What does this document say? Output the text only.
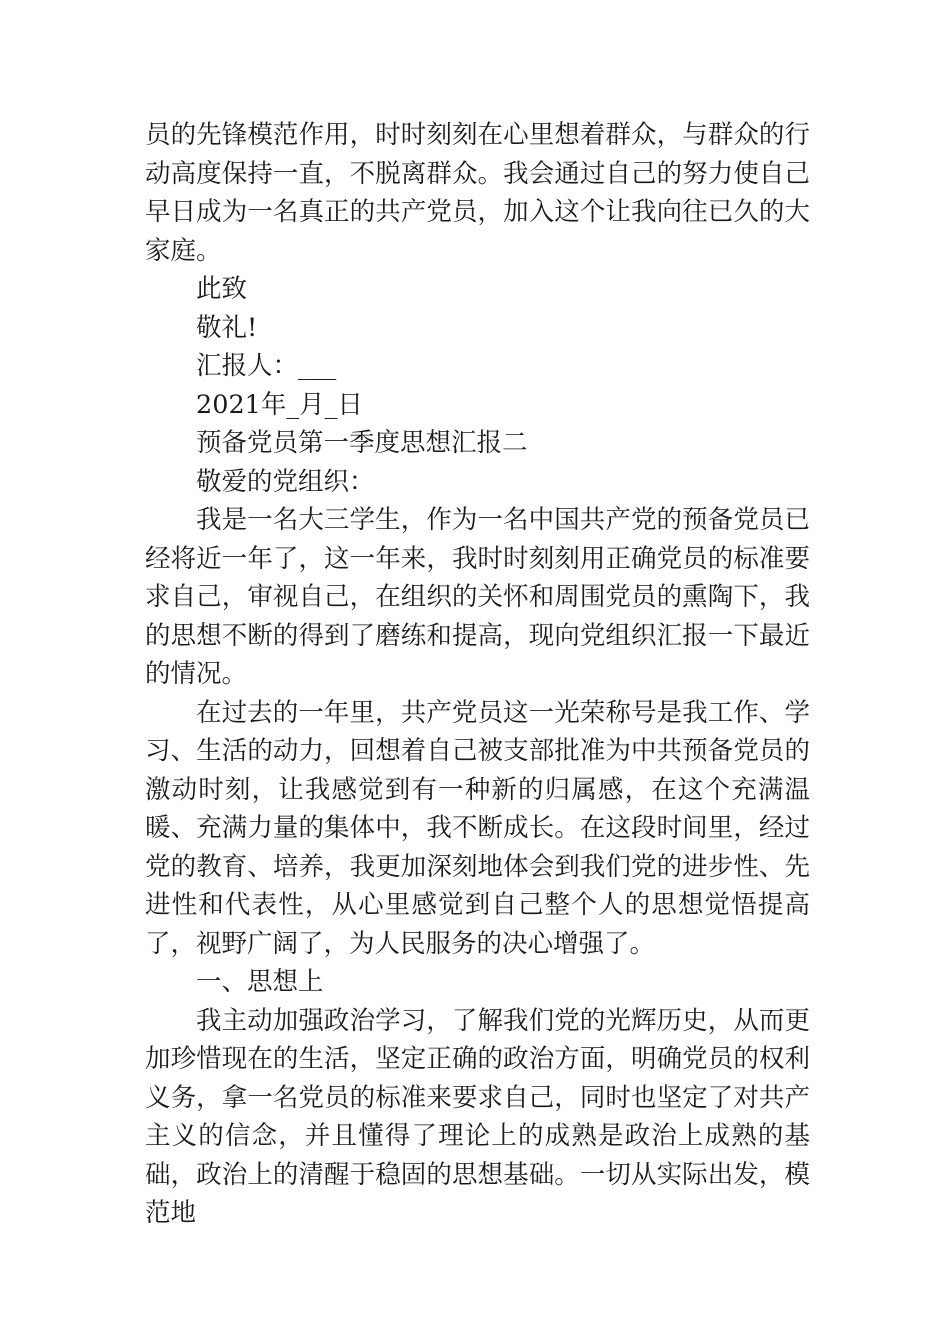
员的先锋模范作用，时时刻刻在心里想着群众，与群众的行动高度保持一直，不脱离群众。我会通过自己的努力使自己早日成为一名真正的共产党员，加入这个让我向往已久的大家庭。

此致

敬礼!

汇报人：___

2021年_月_日

预备党员第一季度思想汇报二

敬爱的党组织：

我是一名大三学生，作为一名中国共产党的预备党员已经将近一年了，这一年来，我时时刻刻用正确党员的标准要求自己，审视自己，在组织的关怀和周围党员的熏陶下，我的思想不断的得到了磨练和提高，现向党组织汇报一下最近的情况。

在过去的一年里，共产党员这一光荣称号是我工作、学习、生活的动力，回想着自己被支部批准为中共预备党员的激动时刻，让我感觉到有一种新的归属感，在这个充满温暖、充满力量的集体中，我不断成长。在这段时间里，经过党的教育、培养，我更加深刻地体会到我们党的进步性、先进性和代表性，从心里感觉到自己整个人的思想觉悟提高了，视野广阔了，为人民服务的决心增强了。

一、思想上

我主动加强政治学习，了解我们党的光辉历史，从而更加珍惜现在的生活，坚定正确的政治方面，明确党员的权利义务，拿一名党员的标准来要求自己，同时也坚定了对共产主义的信念，并且懂得了理论上的成熟是政治上成熟的基础，政治上的清醒于稳固的思想基础。一切从实际出发，模范地
